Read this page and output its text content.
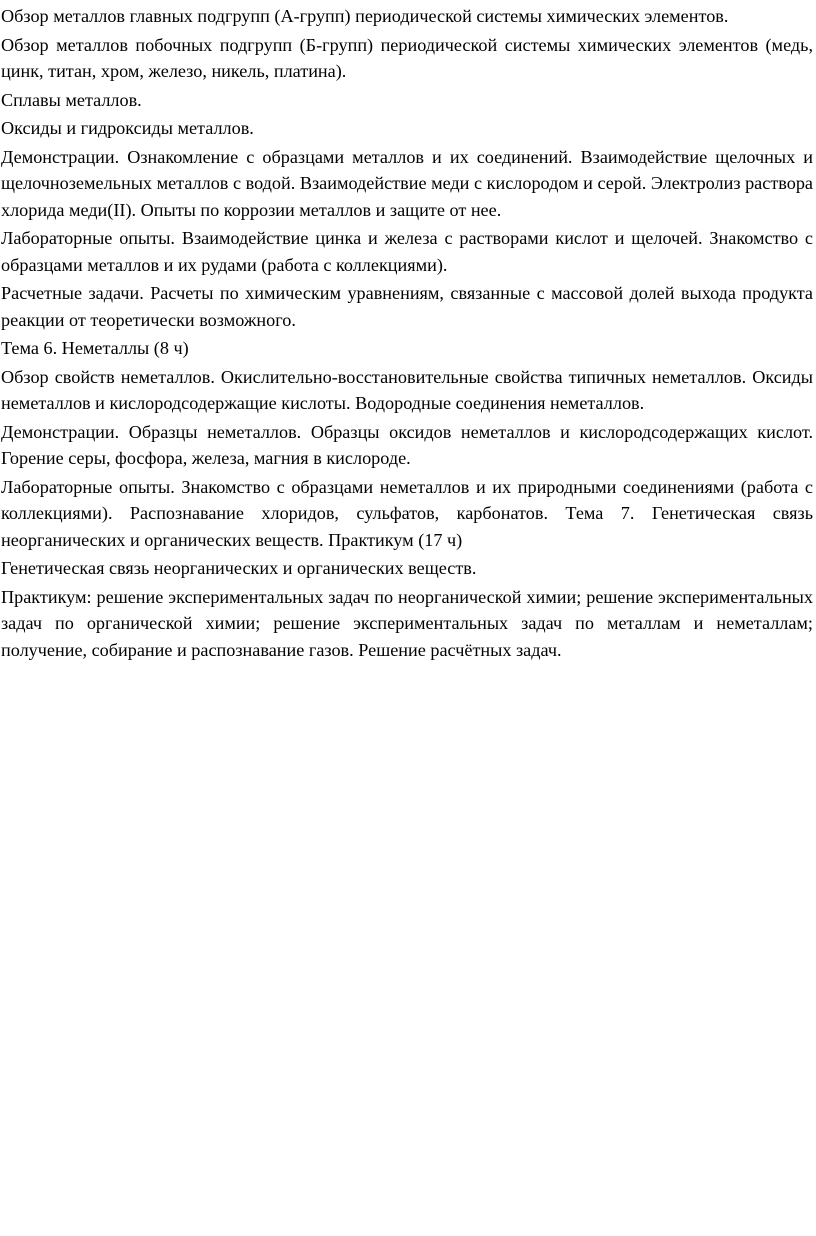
Обзор металлов главных подгрупп (А-групп) периодической системы химических элементов.

Обзор металлов побочных подгрупп (Б-групп) периодической системы химических элементов (медь, цинк, титан, хром, железо, никель, платина).

Сплавы металлов.

Оксиды и гидроксиды металлов.

Демонстрации. Ознакомление с образцами металлов и их соединений. Взаимодействие щелочных и щелочноземельных металлов с водой. Взаимодействие меди с кислородом и серой. Электролиз раствора хлорида меди(II). Опыты по коррозии металлов и защите от нее.

Лабораторные опыты. Взаимодействие цинка и железа с растворами кислот и щелочей. Знакомство с образцами металлов и их рудами (работа с коллекциями).

Расчетные задачи. Расчеты по химическим уравнениям, связанные с массовой долей выхода продукта реакции от теоретически возможного.

Тема 6. Неметаллы (8 ч)

Обзор свойств неметаллов. Окислительно-восстановительные свойства типичных неметаллов. Оксиды неметаллов и кислородсодержащие кислоты. Водородные соединения неметаллов.

Демонстрации. Образцы неметаллов. Образцы оксидов неметаллов и кислородсодержащих кислот. Горение серы, фосфора, железа, магния в кислороде.

Лабораторные опыты. Знакомство с образцами неметаллов и их природными соединениями (работа с коллекциями). Распознавание хлоридов, сульфатов, карбонатов. Тема 7. Генетическая связь неорганических и органических веществ. Практикум (17 ч)

Генетическая связь неорганических и органических веществ.

Практикум: решение экспериментальных задач по неорганической химии; решение экспериментальных задач по органической химии; решение экспериментальных задач по металлам и неметаллам; получение, собирание и распознавание газов. Решение расчётных задач.
